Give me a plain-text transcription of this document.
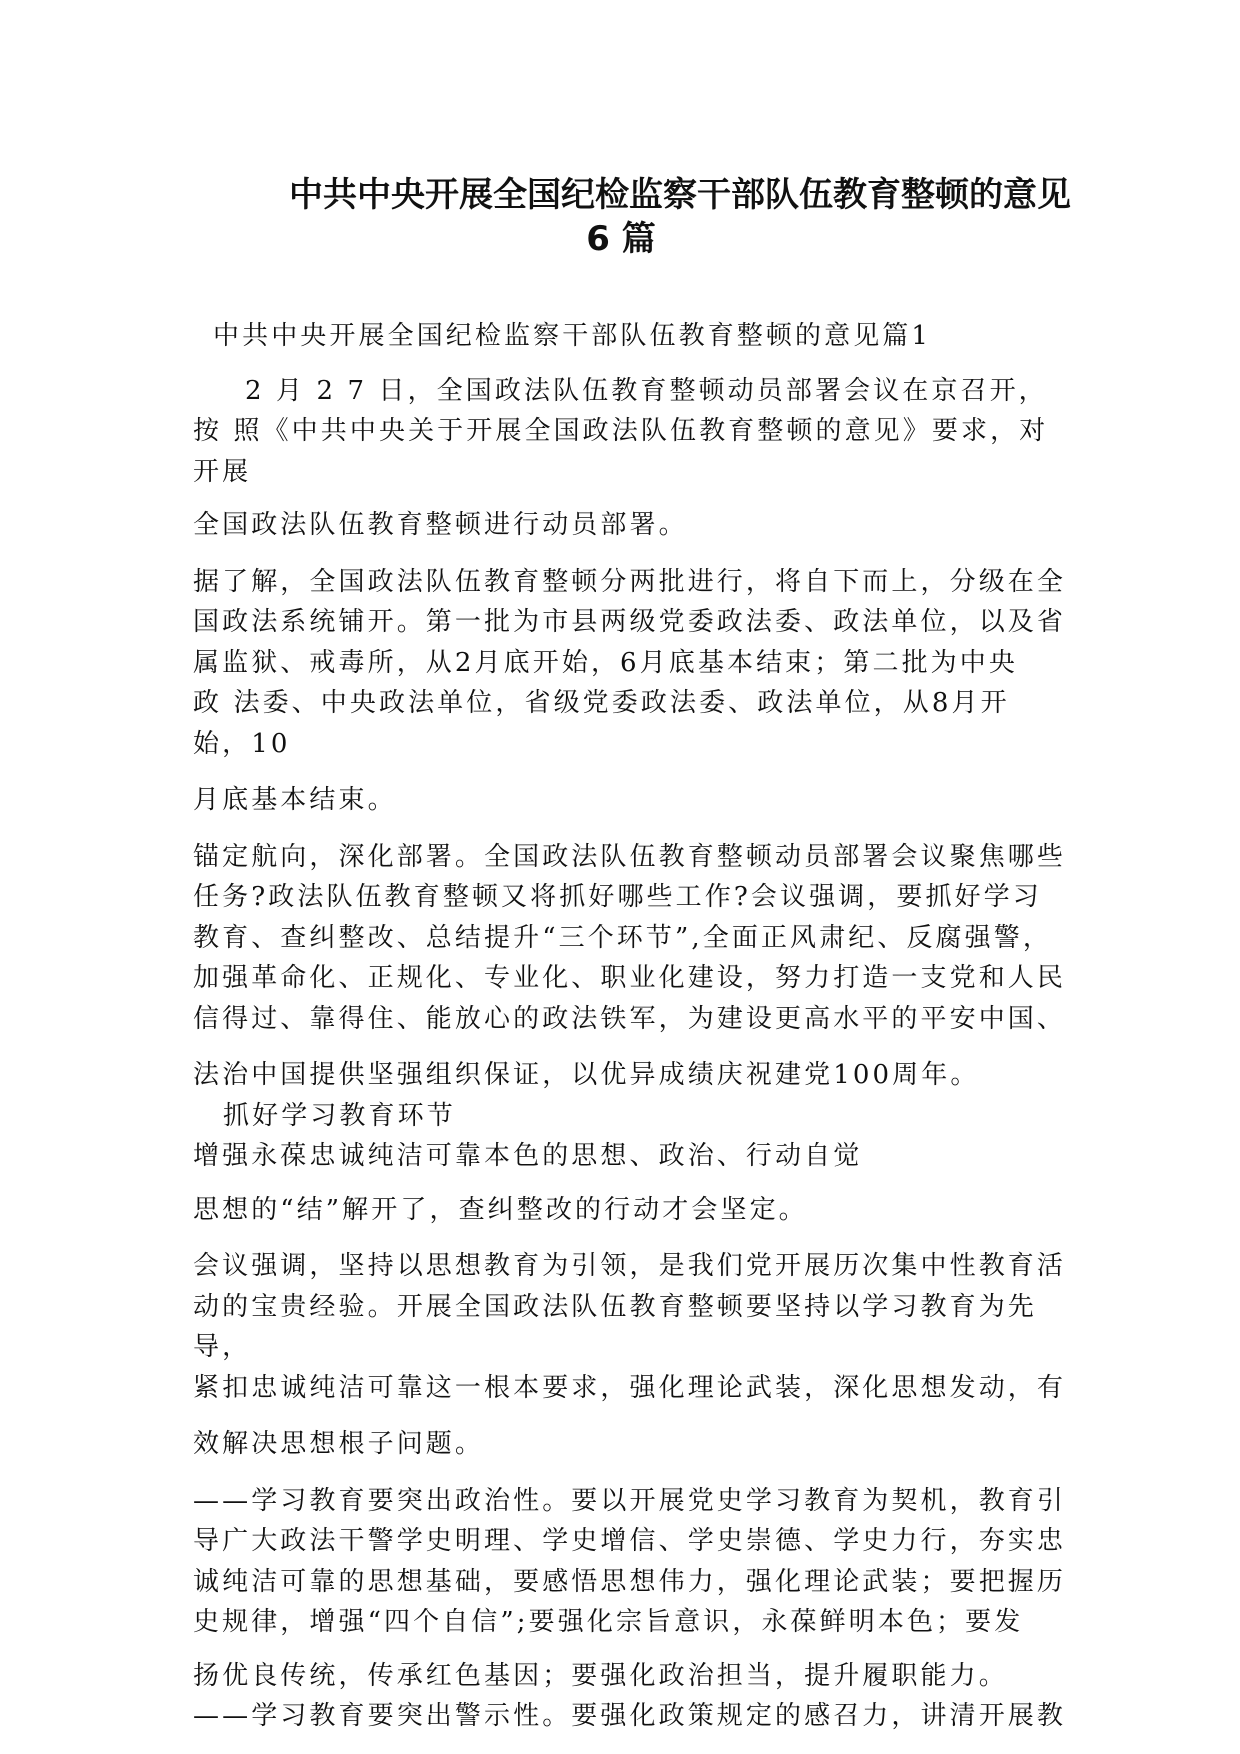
中共中央开展全国纪检监察干部队伍教育整顿的意见
6 篇

中共中央开展全国纪检监察干部队伍教育整顿的意见篇1

2 月 2 7 日，全国政法队伍教育整顿动员部署会议在京召开，
按 照《中共中央关于开展全国政法队伍教育整顿的意见》要求，对
开展

全国政法队伍教育整顿进行动员部署。

据了解，全国政法队伍教育整顿分两批进行，将自下而上，分级在全
国政法系统铺开。第一批为市县两级党委政法委、政法单位，以及省
属监狱、戒毒所，从2月底开始，6月底基本结束；第二批为中央
政 法委、中央政法单位，省级党委政法委、政法单位，从8月开
始，10

月底基本结束。

锚定航向，深化部署。全国政法队伍教育整顿动员部署会议聚焦哪些
任务?政法队伍教育整顿又将抓好哪些工作?会议强调，要抓好学习
教育、查纠整改、总结提升“三个环节”,全面正风肃纪、反腐强警，
加强革命化、正规化、专业化、职业化建设，努力打造一支党和人民
信得过、靠得住、能放心的政法铁军，为建设更高水平的平安中国、

法治中国提供坚强组织保证，以优异成绩庆祝建党100周年。

抓好学习教育环节

增强永葆忠诚纯洁可靠本色的思想、政治、行动自觉

思想的“结”解开了，查纠整改的行动才会坚定。

会议强调，坚持以思想教育为引领，是我们党开展历次集中性教育活
动的宝贵经验。开展全国政法队伍教育整顿要坚持以学习教育为先导，
紧扣忠诚纯洁可靠这一根本要求，强化理论武装，深化思想发动，有

效解决思想根子问题。

——学习教育要突出政治性。要以开展党史学习教育为契机，教育引
导广大政法干警学史明理、学史增信、学史崇德、学史力行，夯实忠
诚纯洁可靠的思想基础，要感悟思想伟力，强化理论武装；要把握历
史规律，增强“四个自信”;要强化宗旨意识，永葆鲜明本色；要发

扬优良传统，传承红色基因；要强化政治担当，提升履职能力。

——学习教育要突出警示性。要强化政策规定的感召力，讲清开展教
